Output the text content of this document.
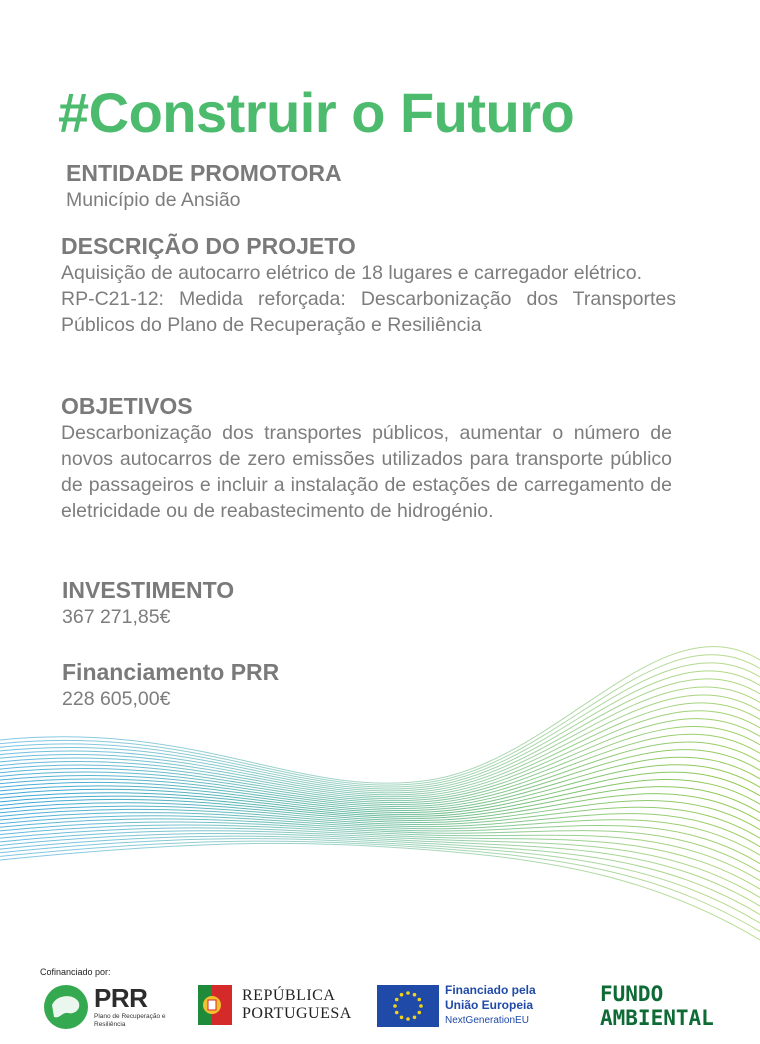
#Construir o Futuro
ENTIDADE PROMOTORA
Município de Ansião
DESCRIÇÃO DO PROJETO
Aquisição de autocarro elétrico de 18 lugares e carregador elétrico.
RP-C21-12: Medida reforçada: Descarbonização dos Transportes Públicos do Plano de Recuperação e Resiliência
OBJETIVOS
Descarbonização dos transportes públicos, aumentar o número de novos autocarros de zero emissões utilizados para transporte público de passageiros e incluir a instalação de estações de carregamento de eletricidade ou de reabastecimento de hidrogénio.
INVESTIMENTO
367 271,85€
Financiamento PRR
228 605,00€
Cofinanciado por:
PRR
Plano de Recuperação e Resiliência
REPÚBLICA
PORTUGUESA
Financiado pela
União Europeia
NextGenerationEU
FUNDO
AMBIENTAL
